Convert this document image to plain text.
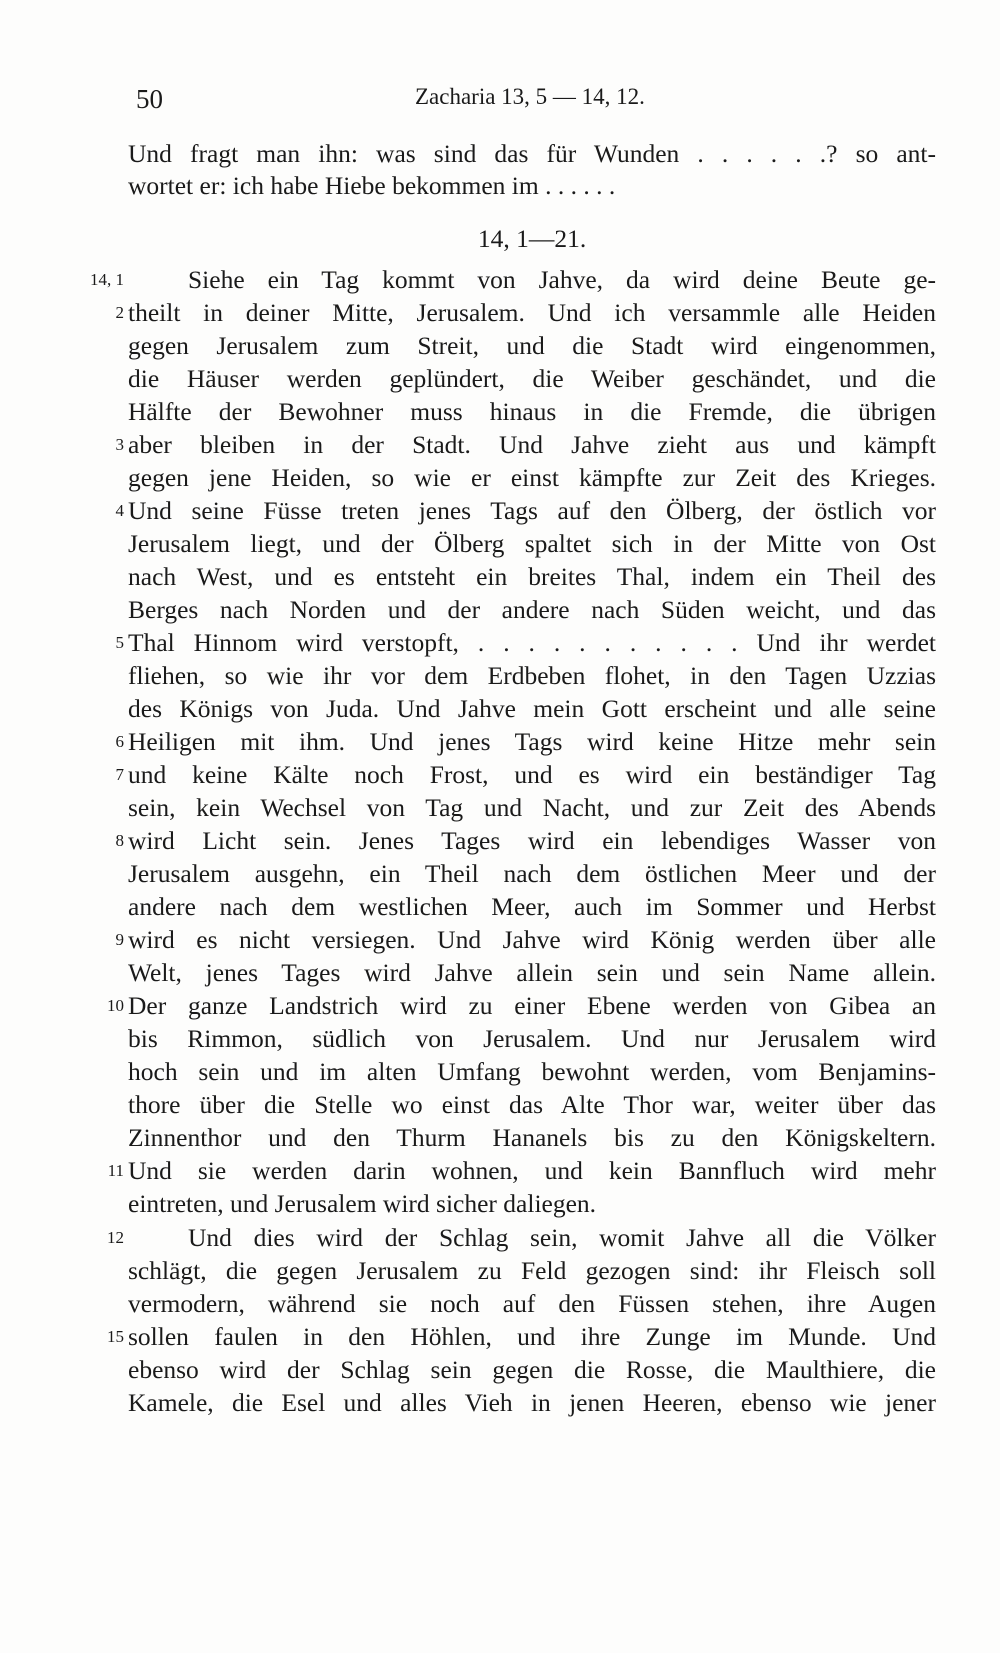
50	Zacharia 13, 5 — 14, 12.
Und fragt man ihn: was sind das für Wunden . . . . . .? so ant-
wortet er: ich habe Hiebe bekommen im . . . . . .
14, 1—21.
14, 1	Siehe ein Tag kommt von Jahve, da wird deine Beute ge-
2 theilt in deiner Mitte, Jerusalem. Und ich versammle alle Heiden
gegen Jerusalem zum Streit, und die Stadt wird eingenommen,
die Häuser werden geplündert, die Weiber geschändet, und die
Hälfte der Bewohner muss hinaus in die Fremde, die übrigen
3 aber bleiben in der Stadt. Und Jahve zieht aus und kämpft
gegen jene Heiden, so wie er einst kämpfte zur Zeit des Krieges.
4 Und seine Füsse treten jenes Tags auf den Ölberg, der östlich vor
Jerusalem liegt, und der Ölberg spaltet sich in der Mitte von Ost
nach West, und es entsteht ein breites Thal, indem ein Theil des
Berges nach Norden und der andere nach Süden weicht, und das
5 Thal Hinnom wird verstopft, . . . . . . . . . . . Und ihr werdet
fliehen, so wie ihr vor dem Erdbeben flohet, in den Tagen Uzzias
des Königs von Juda. Und Jahve mein Gott erscheint und alle seine
6 Heiligen mit ihm. Und jenes Tags wird keine Hitze mehr sein
7 und keine Kälte noch Frost, und es wird ein beständiger Tag
sein, kein Wechsel von Tag und Nacht, und zur Zeit des Abends
8 wird Licht sein. Jenes Tages wird ein lebendiges Wasser von
Jerusalem ausgehn, ein Theil nach dem östlichen Meer und der
andere nach dem westlichen Meer, auch im Sommer und Herbst
9 wird es nicht versiegen. Und Jahve wird König werden über alle
Welt, jenes Tages wird Jahve allein sein und sein Name allein.
10 Der ganze Landstrich wird zu einer Ebene werden von Gibea an
bis Rimmon, südlich von Jerusalem. Und nur Jerusalem wird
hoch sein und im alten Umfang bewohnt werden, vom Benjamins-
thore über die Stelle wo einst das Alte Thor war, weiter über das
Zinnenthor und den Thurm Hananels bis zu den Königskeltern.
11 Und sie werden darin wohnen, und kein Bannfluch wird mehr
eintreten, und Jerusalem wird sicher daliegen.
12	Und dies wird der Schlag sein, womit Jahve all die Völker
schlägt, die gegen Jerusalem zu Feld gezogen sind: ihr Fleisch soll
vermodern, während sie noch auf den Füssen stehen, ihre Augen
15 sollen faulen in den Höhlen, und ihre Zunge im Munde. Und
ebenso wird der Schlag sein gegen die Rosse, die Maulthiere, die
Kamele, die Esel und alles Vieh in jenen Heeren, ebenso wie jener
